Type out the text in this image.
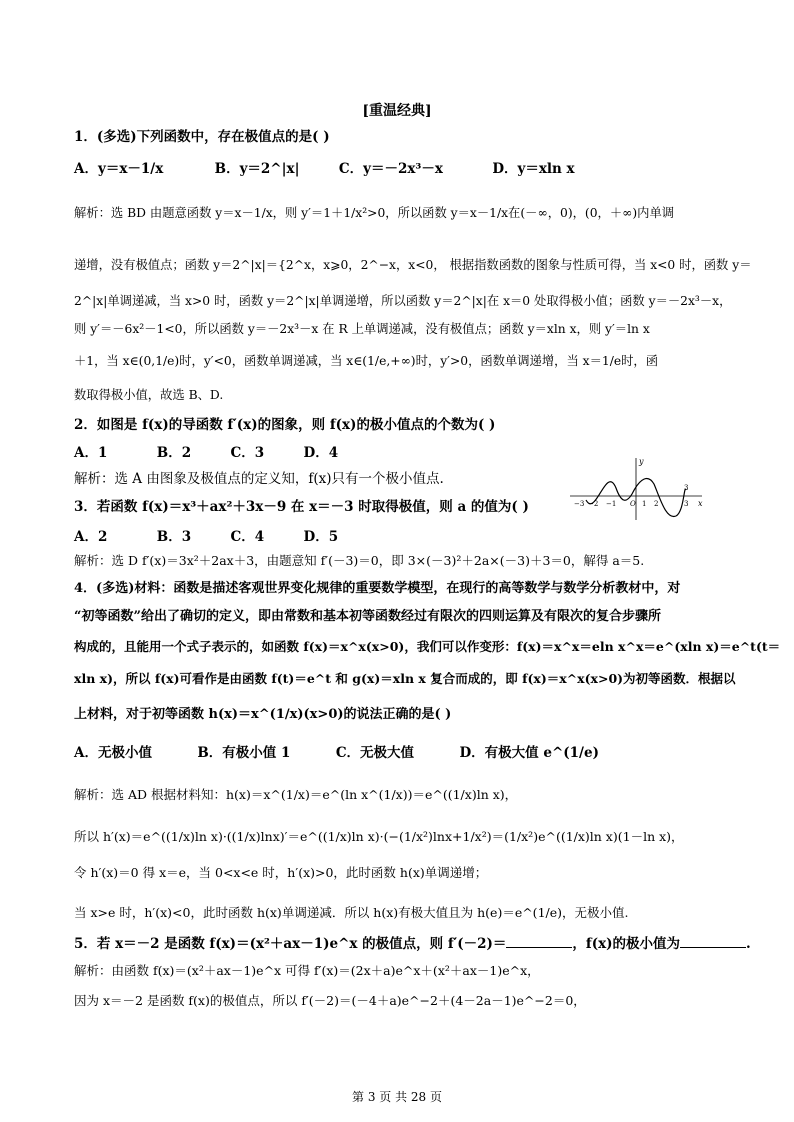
[重温经典]
1．(多选)下列函数中，存在极值点的是( )
A．y＝x－1/x	B．y＝2^|x|	C．y＝－2x³－x	D．y＝xln x
解析：选 BD 由题意函数 y＝x－1/x，则 y′＝1＋1/x²>0，所以函数 y＝x－1/x在(－∞，0)，(0，＋∞)内单调
递增，没有极值点；函数 y＝2^|x|＝{2^x，x⩾0，2^−x，x<0， 根据指数函数的图象与性质可得，当 x<0 时，函数 y＝
2^|x|单调递减，当 x>0 时，函数 y＝2^|x|单调递增，所以函数 y＝2^|x|在 x＝0 处取得极小值；函数 y＝－2x³－x，
则 y′＝－6x²－1<0，所以函数 y＝－2x³－x 在 R 上单调递减，没有极值点；函数 y＝xln x，则 y′＝ln x
＋1，当 x∈(0,1/e)时，y′<0，函数单调递减，当 x∈(1/e,+∞)时，y′>0，函数单调递增，当 x＝1/e时，函
数取得极小值，故选 B、D.
2．如图是 f(x)的导函数 f′(x)的图象，则 f(x)的极小值点的个数为( )
A．1	B．2	C．3	D．4
解析：选 A 由图象及极值点的定义知，f(x)只有一个极小值点.
y
x
−3 −2 −1 O 1 2	3
3
3．若函数 f(x)＝x³＋ax²＋3x－9 在 x＝－3 时取得极值，则 a 的值为( )
A．2	B．3	C．4	D．5
解析：选 D f′(x)＝3x²＋2ax＋3，由题意知 f′(－3)＝0，即 3×(－3)²＋2a×(－3)＋3＝0，解得 a＝5.
4．(多选)材料：函数是描述客观世界变化规律的重要数学模型，在现行的高等数学与数学分析教材中，对
“初等函数”给出了确切的定义，即由常数和基本初等函数经过有限次的四则运算及有限次的复合步骤所
构成的，且能用一个式子表示的，如函数 f(x)＝x^x(x>0)，我们可以作变形：f(x)＝x^x＝eln x^x＝e^(xln x)＝e^t(t＝
xln x)，所以 f(x)可看作是由函数 f(t)＝e^t 和 g(x)＝xln x 复合而成的，即 f(x)＝x^x(x>0)为初等函数．根据以
上材料，对于初等函数 h(x)＝x^(1/x)(x>0)的说法正确的是( )
A．无极小值	B．有极小值 1	C．无极大值	D．有极大值 e^(1/e)
解析：选 AD 根据材料知：h(x)＝x^(1/x)＝e^(ln x^(1/x))＝e^((1/x)ln x)，
所以 h′(x)＝e^((1/x)ln x)·((1/x)lnx)′＝e^((1/x)ln x)·(−(1/x²)lnx+1/x²)＝(1/x²)e^((1/x)ln x)(1－ln x)，
令 h′(x)＝0 得 x＝e，当 0<x<e 时，h′(x)>0，此时函数 h(x)单调递增；
当 x>e 时，h′(x)<0，此时函数 h(x)单调递减．所以 h(x)有极大值且为 h(e)＝e^(1/e)，无极小值.
5．若 x＝－2 是函数 f(x)＝(x²＋ax－1)e^x 的极值点，则 f′(－2)＝	，f(x)的极小值为	.
解析：由函数 f(x)＝(x²＋ax－1)e^x 可得 f′(x)＝(2x＋a)e^x＋(x²＋ax－1)e^x，
因为 x＝－2 是函数 f(x)的极值点，所以 f′(－2)＝(－4＋a)e^−2＋(4－2a－1)e^−2＝0，
第 3 页 共 28 页
